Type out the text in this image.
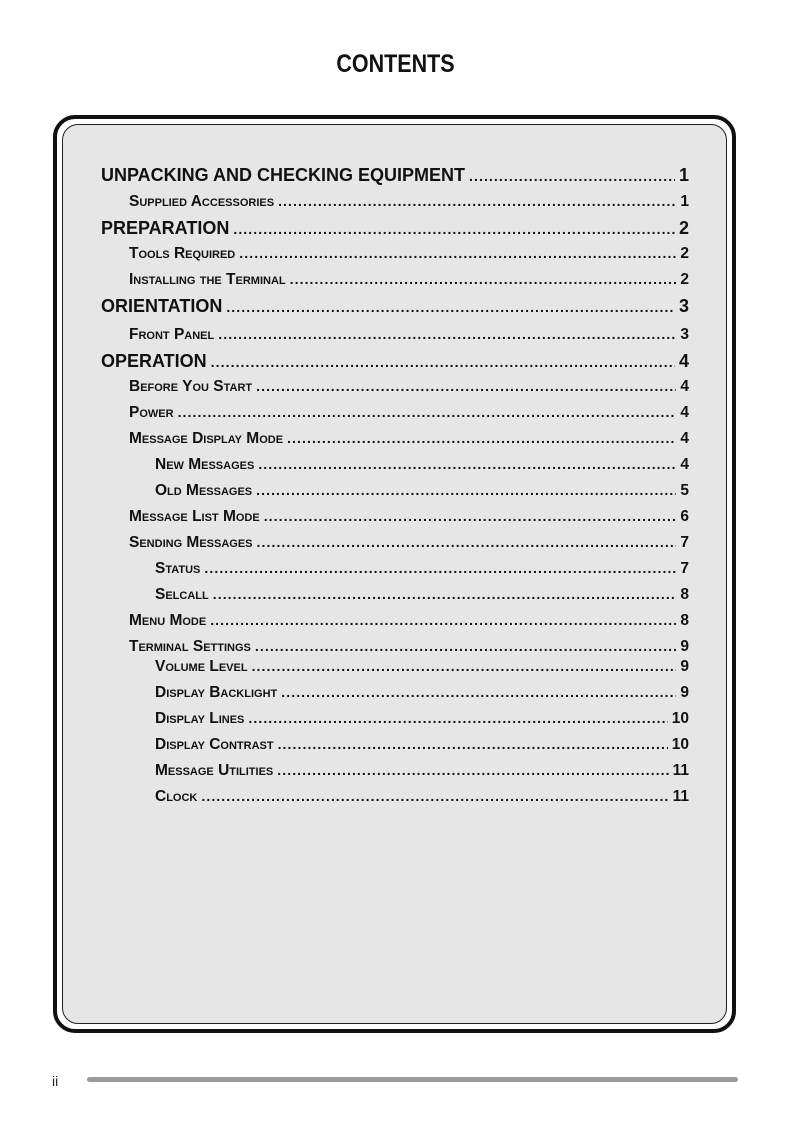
CONTENTS
UNPACKING AND CHECKING EQUIPMENT . . .	1
Supplied Accessories . . .	1
PREPARATION . . .	2
Tools Required . . .	2
Installing the Terminal . . .	2
ORIENTATION . . .	3
Front Panel . . .	3
OPERATION . . .	4
Before You Start . . .	4
Power . . .	4
Message Display Mode . . .	4
New Messages . . .	4
Old Messages . . .	5
Message List Mode . . .	6
Sending Messages . . .	7
Status . . .	7
Selcall . . .	8
Menu Mode . . .	8
Terminal Settings . . .	9
Volume Level . . .	9
Display Backlight . . .	9
Display Lines . . .	10
Display Contrast . . .	10
Message Utilities . . .	11
Clock . . .	11
ii
